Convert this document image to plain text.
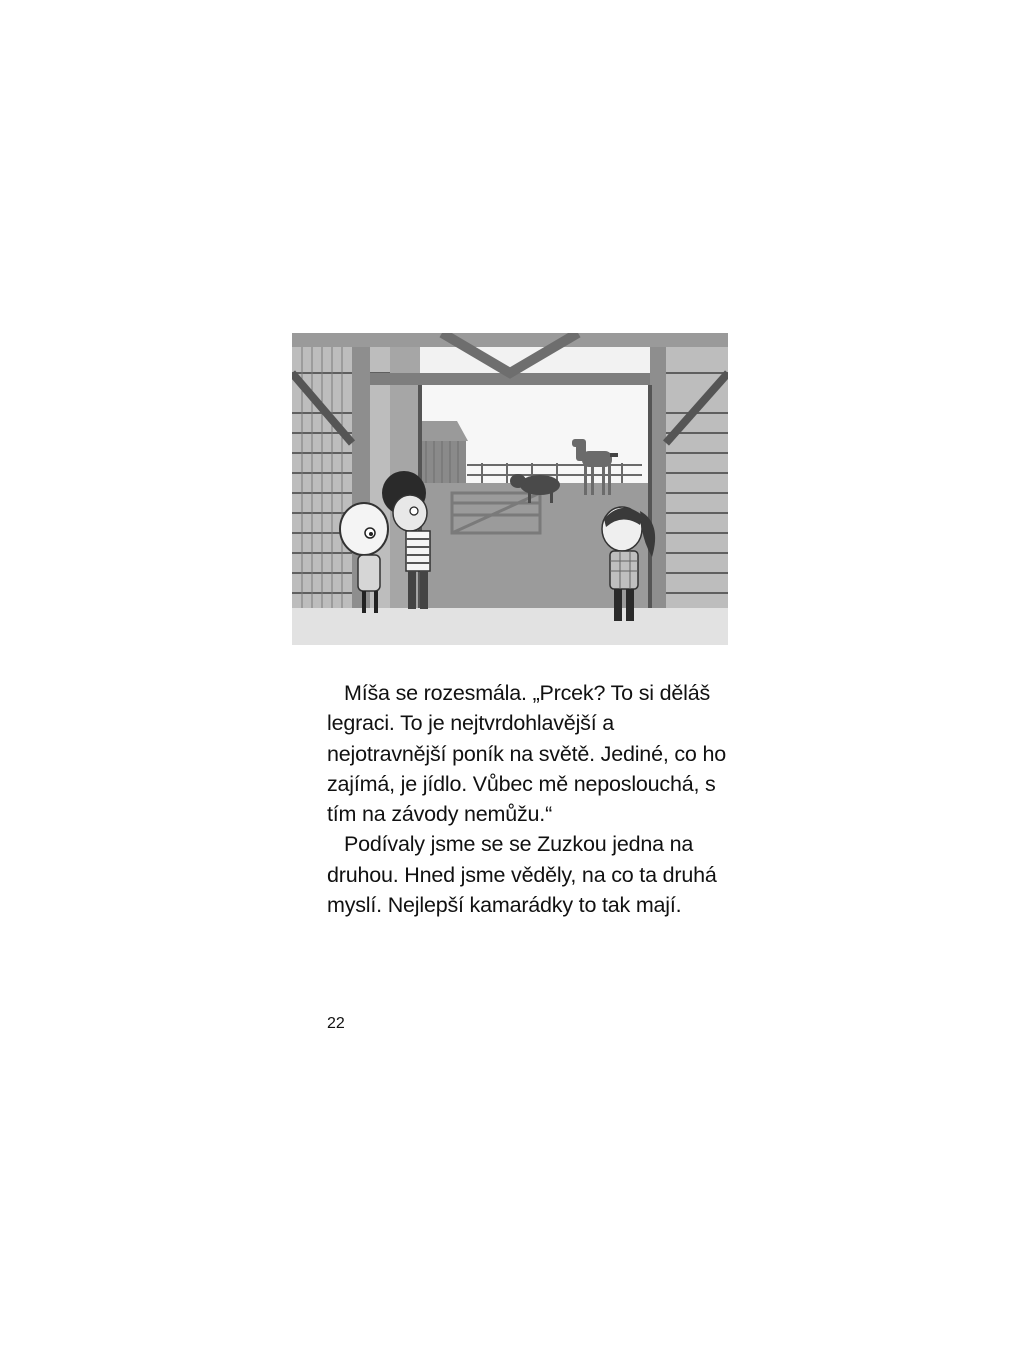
Míša se rozesmála. „Prcek? To si děláš legraci. To je nejtvrdohlavější a nejotravnější poník na světě. Jediné, co ho zajímá, je jídlo. Vůbec mě neposlouchá, s tím na závody nemůžu.“

Podívaly jsme se se Zuzkou jedna na druhou. Hned jsme věděly, na co ta druhá myslí. Nejlepší kamarádky to tak mají.

22
